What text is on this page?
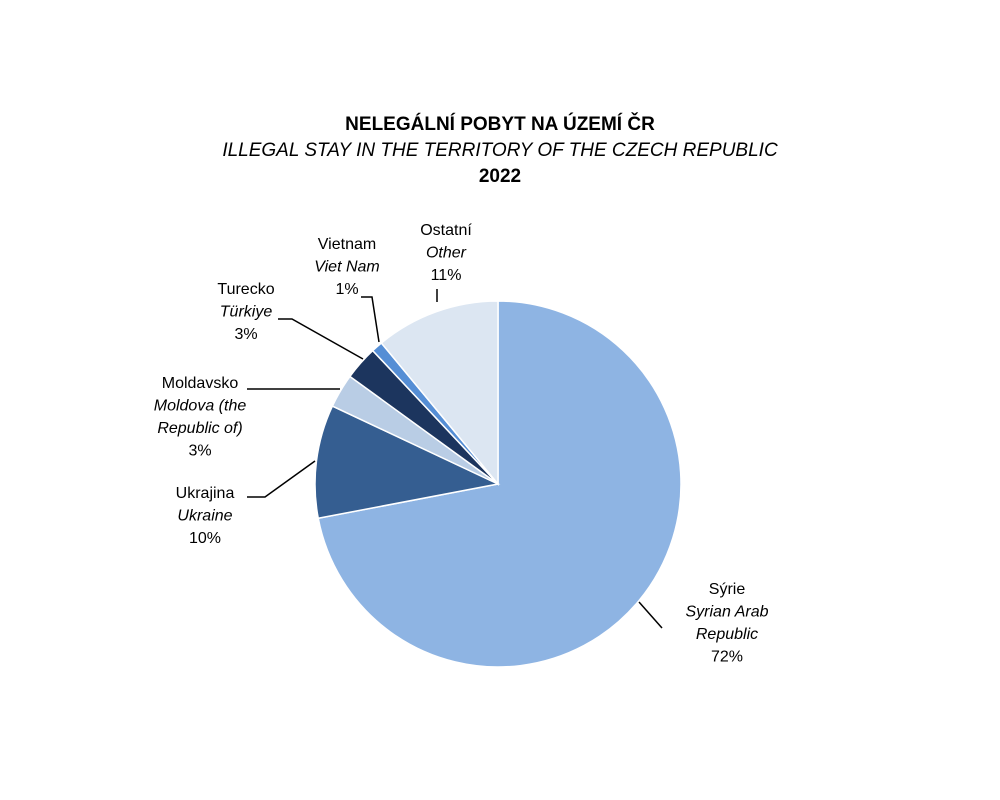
NELEGÁLNÍ POBYT NA ÚZEMÍ ČR
ILLEGAL STAY IN THE TERRITORY OF THE CZECH REPUBLIC
2022
Sýrie
Syrian Arab
Republic
72%
Ukrajina
Ukraine
10%
Moldavsko
Moldova (the
Republic of)
3%
Turecko
Türkiye
3%
Vietnam
Viet Nam
1%
Ostatní
Other
11%
